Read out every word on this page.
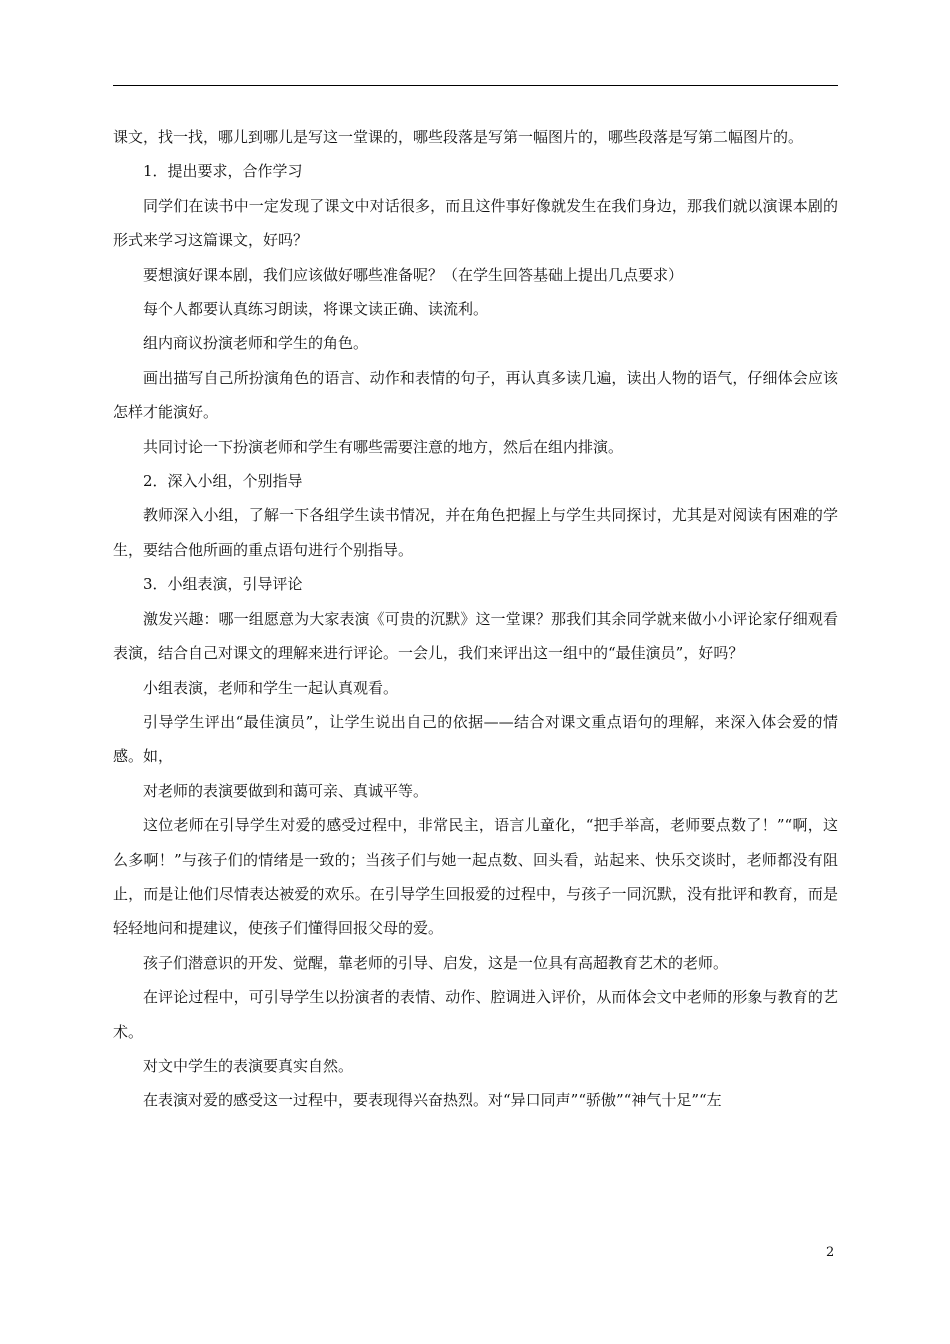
课文，找一找，哪儿到哪儿是写这一堂课的，哪些段落是写第一幅图片的，哪些段落是写第二幅图片的。

1．提出要求，合作学习

同学们在读书中一定发现了课文中对话很多，而且这件事好像就发生在我们身边，那我们就以演课本剧的形式来学习这篇课文，好吗？

要想演好课本剧，我们应该做好哪些准备呢？（在学生回答基础上提出几点要求）

每个人都要认真练习朗读，将课文读正确、读流利。

组内商议扮演老师和学生的角色。

画出描写自己所扮演角色的语言、动作和表情的句子，再认真多读几遍，读出人物的语气，仔细体会应该怎样才能演好。

共同讨论一下扮演老师和学生有哪些需要注意的地方，然后在组内排演。

2．深入小组，个别指导

教师深入小组，了解一下各组学生读书情况，并在角色把握上与学生共同探讨，尤其是对阅读有困难的学生，要结合他所画的重点语句进行个别指导。

3．小组表演，引导评论

激发兴趣：哪一组愿意为大家表演《可贵的沉默》这一堂课？那我们其余同学就来做小小评论家仔细观看表演，结合自己对课文的理解来进行评论。一会儿，我们来评出这一组中的“最佳演员”，好吗？

小组表演，老师和学生一起认真观看。

引导学生评出“最佳演员”，让学生说出自己的依据——结合对课文重点语句的理解，来深入体会爱的情感。如，

对老师的表演要做到和蔼可亲、真诚平等。

这位老师在引导学生对爱的感受过程中，非常民主，语言儿童化，“把手举高，老师要点数了！”“啊，这么多啊！”与孩子们的情绪是一致的；当孩子们与她一起点数、回头看，站起来、快乐交谈时，老师都没有阻止，而是让他们尽情表达被爱的欢乐。在引导学生回报爱的过程中，与孩子一同沉默，没有批评和教育，而是轻轻地问和提建议，使孩子们懂得回报父母的爱。

孩子们潜意识的开发、觉醒，靠老师的引导、启发，这是一位具有高超教育艺术的老师。

在评论过程中，可引导学生以扮演者的表情、动作、腔调进入评价，从而体会文中老师的形象与教育的艺术。

对文中学生的表演要真实自然。

在表演对爱的感受这一过程中，要表现得兴奋热烈。对“异口同声”“骄傲”“神气十足”“左

2
